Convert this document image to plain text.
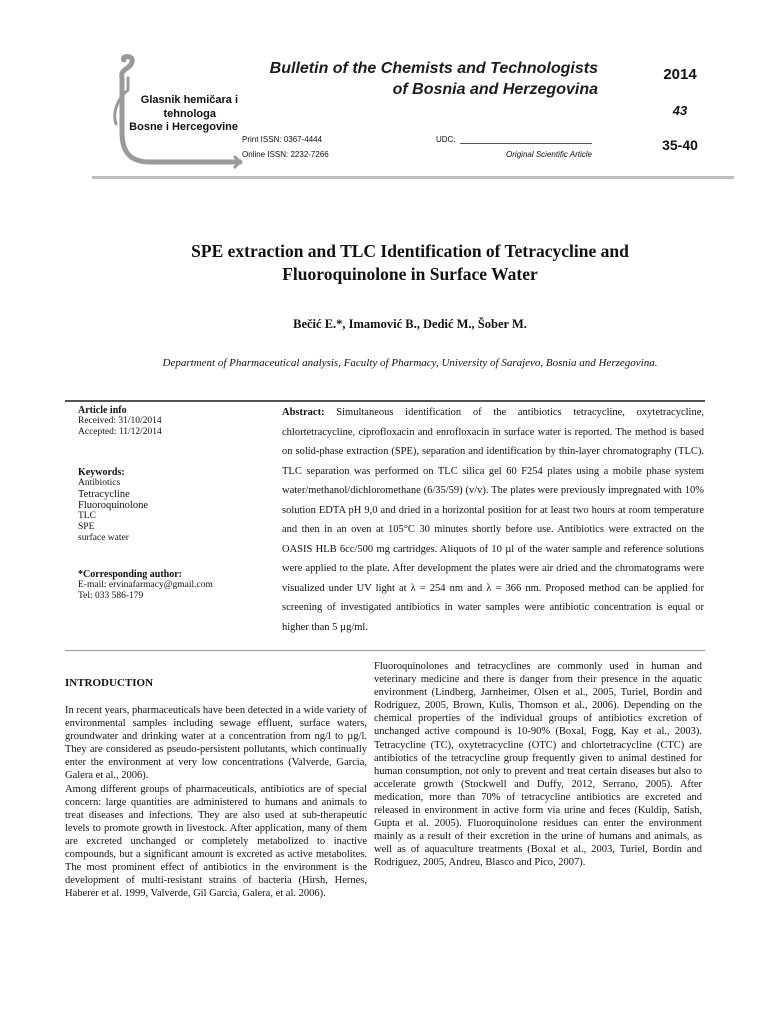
Glasnik hemičara i
tehnologa
Bosne i Hercegovine
Bulletin of the Chemists and Technologists
of Bosnia and Herzegovina
2014
43
35-40
Print ISSN: 0367-4444
Online ISSN: 2232-7266
UDC:
Original Scientific Article
SPE extraction and TLC Identification of Tetracycline and
Fluoroquinolone in Surface Water
Bečić E.*, Imamović B., Dedić M., Šober M.
Department of Pharmaceutical analysis, Faculty of Pharmacy, University of Sarajevo, Bosnia and Herzegovina.
Article info
Received: 31/10/2014
Accepted: 11/12/2014
Keywords:
Antibiotics
Tetracycline
Fluoroquinolone
TLC
SPE
surface water
*Corresponding author:
E-mail: ervinafarmacy@gmail.com
Tel: 033 586-179
Abstract: Simultaneous identification of the antibiotics tetracycline, oxytetracycline, chlortetracycline, ciprofloxacin and enrofloxacin in surface water is reported. The method is based on solid-phase extraction (SPE), separation and identification by thin-layer chromatography (TLC). TLC separation was performed on TLC silica gel 60 F254 plates using a mobile phase system water/methanol/dichloromethane (6/35/59) (v/v). The plates were previously impregnated with 10% solution EDTA pH 9,0 and dried in a horizontal position for at least two hours at room temperature and then in an oven at 105°C 30 minutes shortly before use. Antibiotics were extracted on the OASIS HLB 6cc/500 mg cartridges. Aliquots of 10 µl of the water sample and reference solutions were applied to the plate. After development the plates were air dried and the chromatograms were visualized under UV light at λ = 254 nm and λ = 366 nm. Proposed method can be applied for screening of investigated antibiotics in water samples were antibiotic concentration is equal or higher than 5 µg/ml.
INTRODUCTION

In recent years, pharmaceuticals have been detected in a wide variety of environmental samples including sewage effluent, surface waters, groundwater and drinking water at a concentration from ng/l to µg/l. They are considered as pseudo-persistent pollutants, which continually enter the environment at very low concentrations (Valverde, Garcia, Galera et al., 2006).

Among different groups of pharmaceuticals, antibiotics are of special concern: large quantities are administered to humans and animals to treat diseases and infections. They are also used at sub-therapeutic levels to promote growth in livestock. After application, many of them are excreted unchanged or completely metabolized to inactive compounds, but a significant amount is excreted as active metabolites. The most prominent effect of antibiotics in the environment is the development of multi-resistant strains of bacteria (Hirsh, Hernes, Haberer et al. 1999, Valverde, Gil Garcia, Galera, et al. 2006).

Fluoroquinolones and tetracyclines are commonly used in human and veterinary medicine and there is danger from their presence in the aquatic environment (Lindberg, Jarnheimer, Olsen et al., 2005, Turiel, Bordin and Rodriguez, 2005, Brown, Kulis, Thomson et al., 2006). Depending on the chemical properties of the individual groups of antibiotics excretion of unchanged active compound is 10-90% (Boxal, Fogg, Kay et al., 2003). Tetracycline (TC), oxytetracycline (OTC) and chlortetracycline (CTC) are antibiotics of the tetracycline group frequently given to animal destined for human consumption, not only to prevent and treat certain diseases but also to accelerate growth (Stockwell and Duffy, 2012, Serrano, 2005). After medication, more than 70% of tetracycline antibiotics are excreted and released in environment in active form via urine and feces (Kuldip, Satish, Gupta et al. 2005). Fluoroquinolone residues can enter the environment mainly as a result of their excretion in the urine of humans and animals, as well as of aquaculture treatments (Boxal et al., 2003, Turiel, Bordin and Rodriguez, 2005, Andreu, Blasco and Pico, 2007).
